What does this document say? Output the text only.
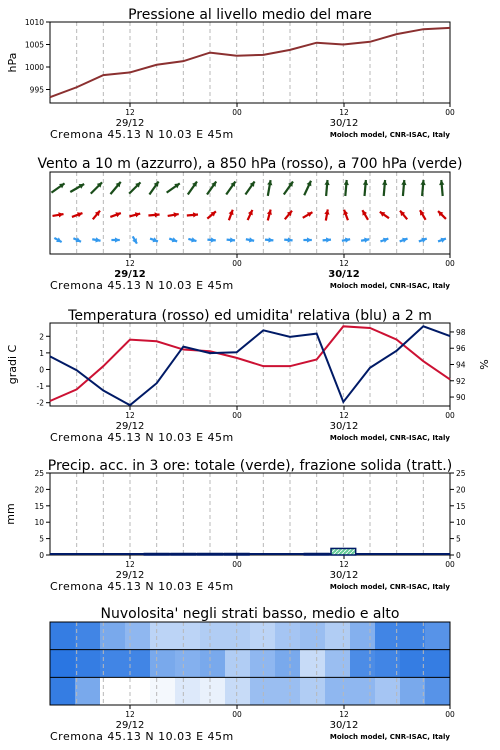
Pressione al livello medio del mare
12	00	12	00
29/12	30/12
Cremona 45.13 N 10.03 E 45m	Moloch model, CNR-ISAC, Italy
995
1000
1005
1010
hPa
Vento a 10 m (azzurro), a 850 hPa (rosso), a 700 hPa (verde)
12	00	12	00
29/12	30/12
Cremona 45.13 N 10.03 E 45m	Moloch model, CNR-ISAC, Italy
Temperatura (rosso) ed umidita' relativa (blu) a 2 m
12	00	12	00
29/12	30/12
Cremona 45.13 N 10.03 E 45m	Moloch model, CNR-ISAC, Italy
-2
-1
0
1
2
90
92
94
96
98
gradi C	%
Precip. acc. in 3 ore: totale (verde), frazione solida (tratt.)
12	00	12	00
29/12	30/12
Cremona 45.13 N 10.03 E 45m	Moloch model, CNR-ISAC, Italy
0	0
5	5
10	10
15	15
20	20
25	25
mm
Nuvolosita' negli strati basso, medio e alto
12	00	12	00
29/12	30/12
Cremona 45.13 N 10.03 E 45m	Moloch model, CNR-ISAC, Italy
